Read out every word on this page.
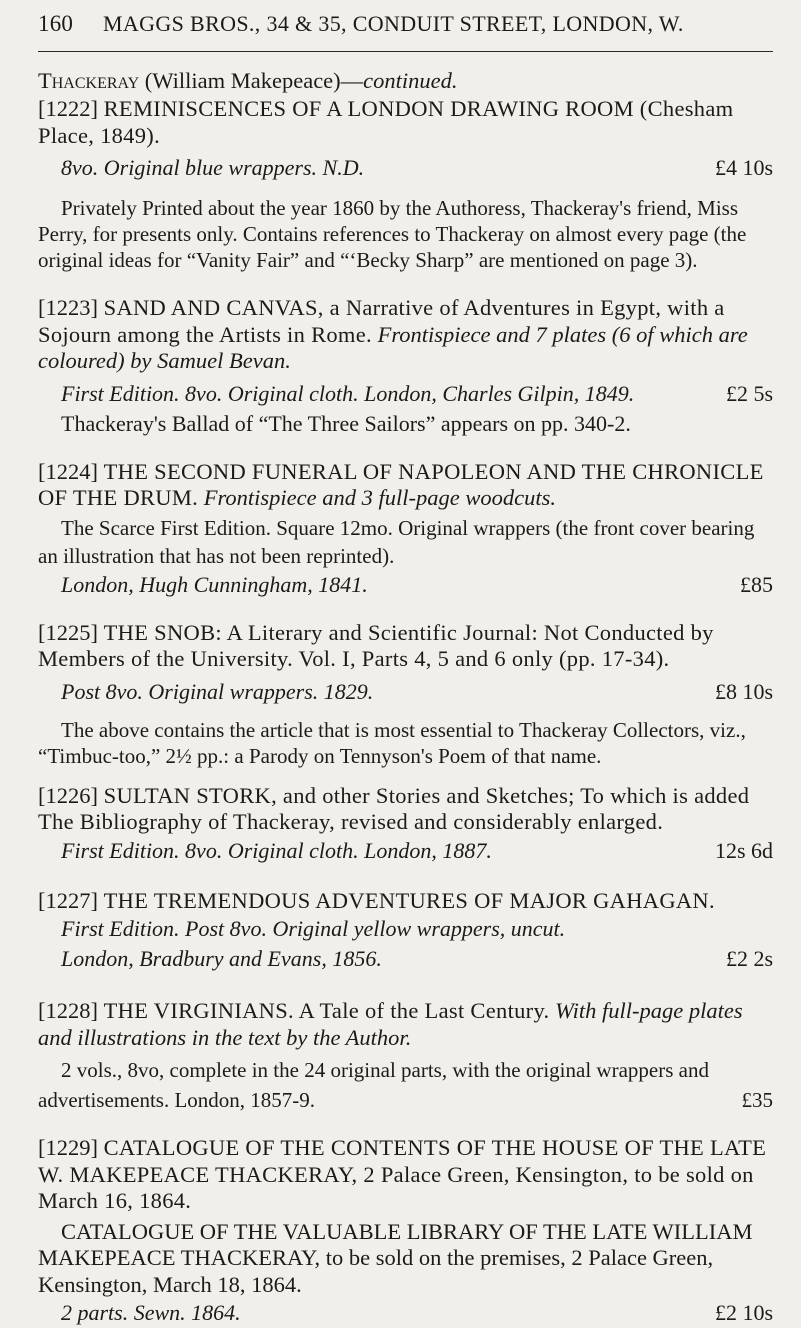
160	MAGGS BROS., 34 & 35, CONDUIT STREET, LONDON, W.

Thackeray (William Makepeace)—continued.

[1222] REMINISCENCES OF A LONDON DRAWING ROOM (Chesham Place, 1849).

8vo. Original blue wrappers. N.D.	£4 10s

Privately Printed about the year 1860 by the Authoress, Thackeray's friend, Miss Perry, for presents only. Contains references to Thackeray on almost every page (the original ideas for “Vanity Fair” and “‘Becky Sharp” are mentioned on page 3).

[1223] SAND AND CANVAS, a Narrative of Adventures in Egypt, with a Sojourn among the Artists in Rome. Frontispiece and 7 plates (6 of which are coloured) by Samuel Bevan.

First Edition. 8vo. Original cloth. London, Charles Gilpin, 1849.	£2 5s

Thackeray's Ballad of “The Three Sailors” appears on pp. 340-2.

[1224] THE SECOND FUNERAL OF NAPOLEON AND THE CHRONICLE OF THE DRUM. Frontispiece and 3 full-page woodcuts.

The Scarce First Edition. Square 12mo. Original wrappers (the front cover bearing an illustration that has not been reprinted).

London, Hugh Cunningham, 1841.	£85

[1225] THE SNOB: A Literary and Scientific Journal: Not Conducted by Members of the University. Vol. I, Parts 4, 5 and 6 only (pp. 17-34).

Post 8vo. Original wrappers. 1829.	£8 10s

The above contains the article that is most essential to Thackeray Collectors, viz., “Timbuc-too,” 2½ pp.: a Parody on Tennyson's Poem of that name.

[1226] SULTAN STORK, and other Stories and Sketches; To which is added The Bibliography of Thackeray, revised and considerably enlarged.

First Edition. 8vo. Original cloth. London, 1887.	12s 6d

[1227] THE TREMENDOUS ADVENTURES OF MAJOR GAHAGAN.

First Edition. Post 8vo. Original yellow wrappers, uncut.

London, Bradbury and Evans, 1856.	£2 2s

[1228] THE VIRGINIANS. A Tale of the Last Century. With full-page plates and illustrations in the text by the Author.

2 vols., 8vo, complete in the 24 original parts, with the original wrappers and advertisements. London, 1857-9.	£35

[1229] CATALOGUE OF THE CONTENTS OF THE HOUSE OF THE LATE W. MAKEPEACE THACKERAY, 2 Palace Green, Kensington, to be sold on March 16, 1864.

CATALOGUE OF THE VALUABLE LIBRARY OF THE LATE WILLIAM MAKEPEACE THACKERAY, to be sold on the premises, 2 Palace Green, Kensington, March 18, 1864.

2 parts. Sewn. 1864.	£2 10s
